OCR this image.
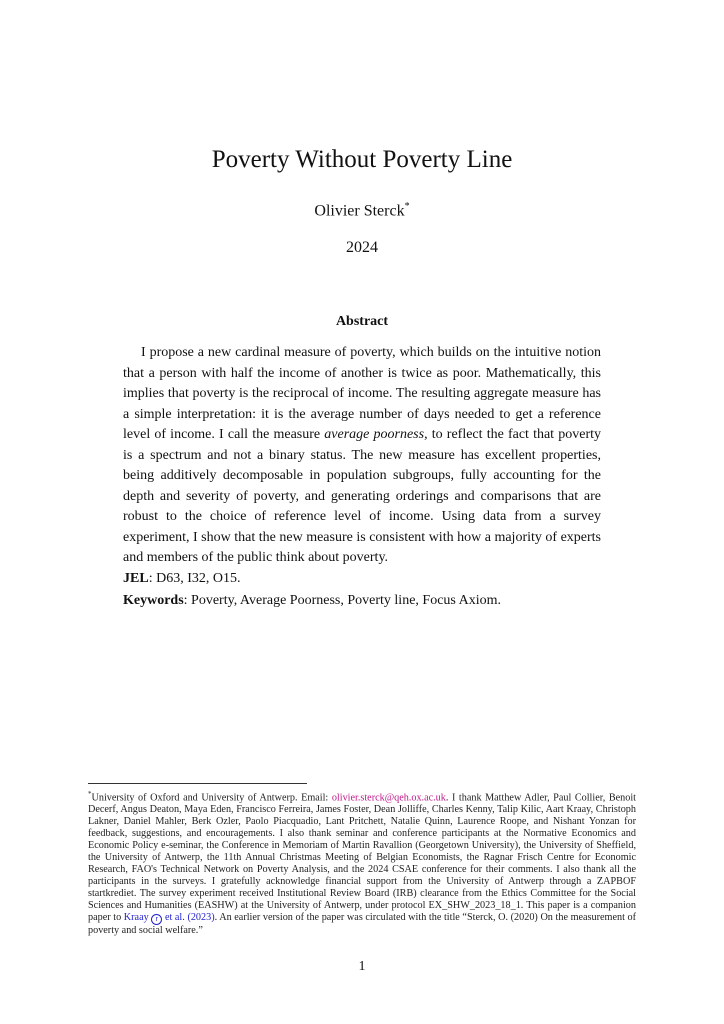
Poverty Without Poverty Line
Olivier Sterck*
2024
Abstract

I propose a new cardinal measure of poverty, which builds on the intuitive notion that a person with half the income of another is twice as poor. Mathematically, this implies that poverty is the reciprocal of income. The resulting aggregate measure has a simple interpretation: it is the average number of days needed to get a reference level of income. I call the measure average poorness, to reflect the fact that poverty is a spectrum and not a binary status. The new measure has excellent properties, being additively decomposable in population subgroups, fully accounting for the depth and severity of poverty, and generating orderings and comparisons that are robust to the choice of reference level of income. Using data from a survey experiment, I show that the new measure is consistent with how a majority of experts and members of the public think about poverty.

JEL: D63, I32, O15.
Keywords: Poverty, Average Poorness, Poverty line, Focus Axiom.

*University of Oxford and University of Antwerp. Email: olivier.sterck@qeh.ox.ac.uk. I thank Matthew Adler, Paul Collier, Benoit Decerf, Angus Deaton, Maya Eden, Francisco Ferreira, James Foster, Dean Jolliffe, Charles Kenny, Talip Kilic, Aart Kraay, Christoph Lakner, Daniel Mahler, Berk Ozler, Paolo Piacquadio, Lant Pritchett, Natalie Quinn, Laurence Roope, and Nishant Yonzan for feedback, suggestions, and encouragements. I also thank seminar and conference participants at the Normative Economics and Economic Policy e-seminar, the Conference in Memoriam of Martin Ravallion (Georgetown University), the University of Sheffield, the University of Antwerp, the 11th Annual Christmas Meeting of Belgian Economists, the Ragnar Frisch Centre for Economic Research, FAO's Technical Network on Poverty Analysis, and the 2024 CSAE conference for their comments. I also thank all the participants in the surveys. I gratefully acknowledge financial support from the University of Antwerp through a ZAPBOF startkrediet. The survey experiment received Institutional Review Board (IRB) clearance from the Ethics Committee for the Social Sciences and Humanities (EASHW) at the University of Antwerp, under protocol EX_SHW_2023_18_1. This paper is a companion paper to Kraay r et al. (2023). An earlier version of the paper was circulated with the title “Sterck, O. (2020) On the measurement of poverty and social welfare.”

1
